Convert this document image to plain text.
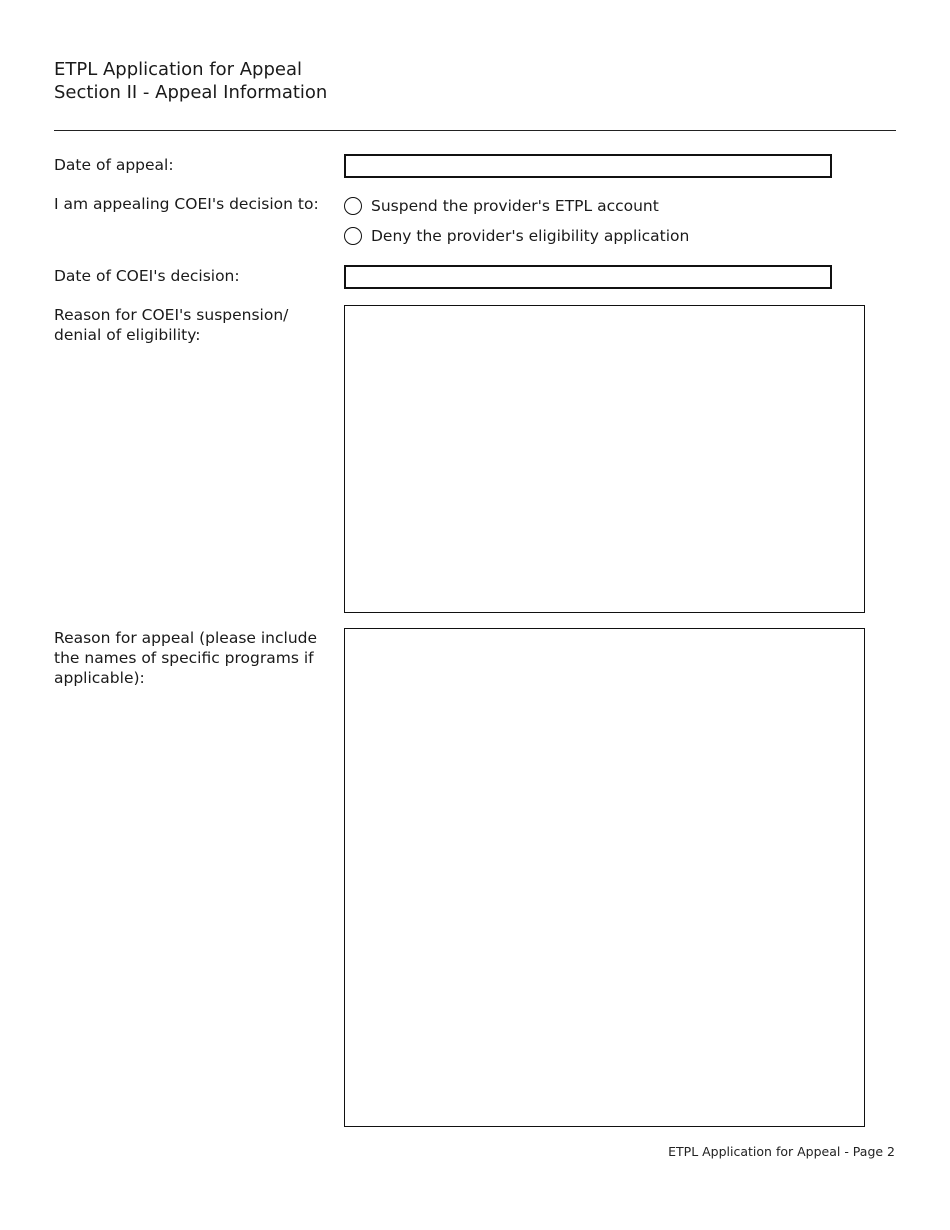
ETPL Application for Appeal
Section II - Appeal Information
Date of appeal:
I am appealing COEI's decision to:	Suspend the provider's ETPL account
Deny the provider's eligibility application
Date of COEI's decision:
Reason for COEI's suspension/ denial of eligibility:
Reason for appeal (please include the names of specific programs if applicable):
ETPL Application for Appeal - Page 2
